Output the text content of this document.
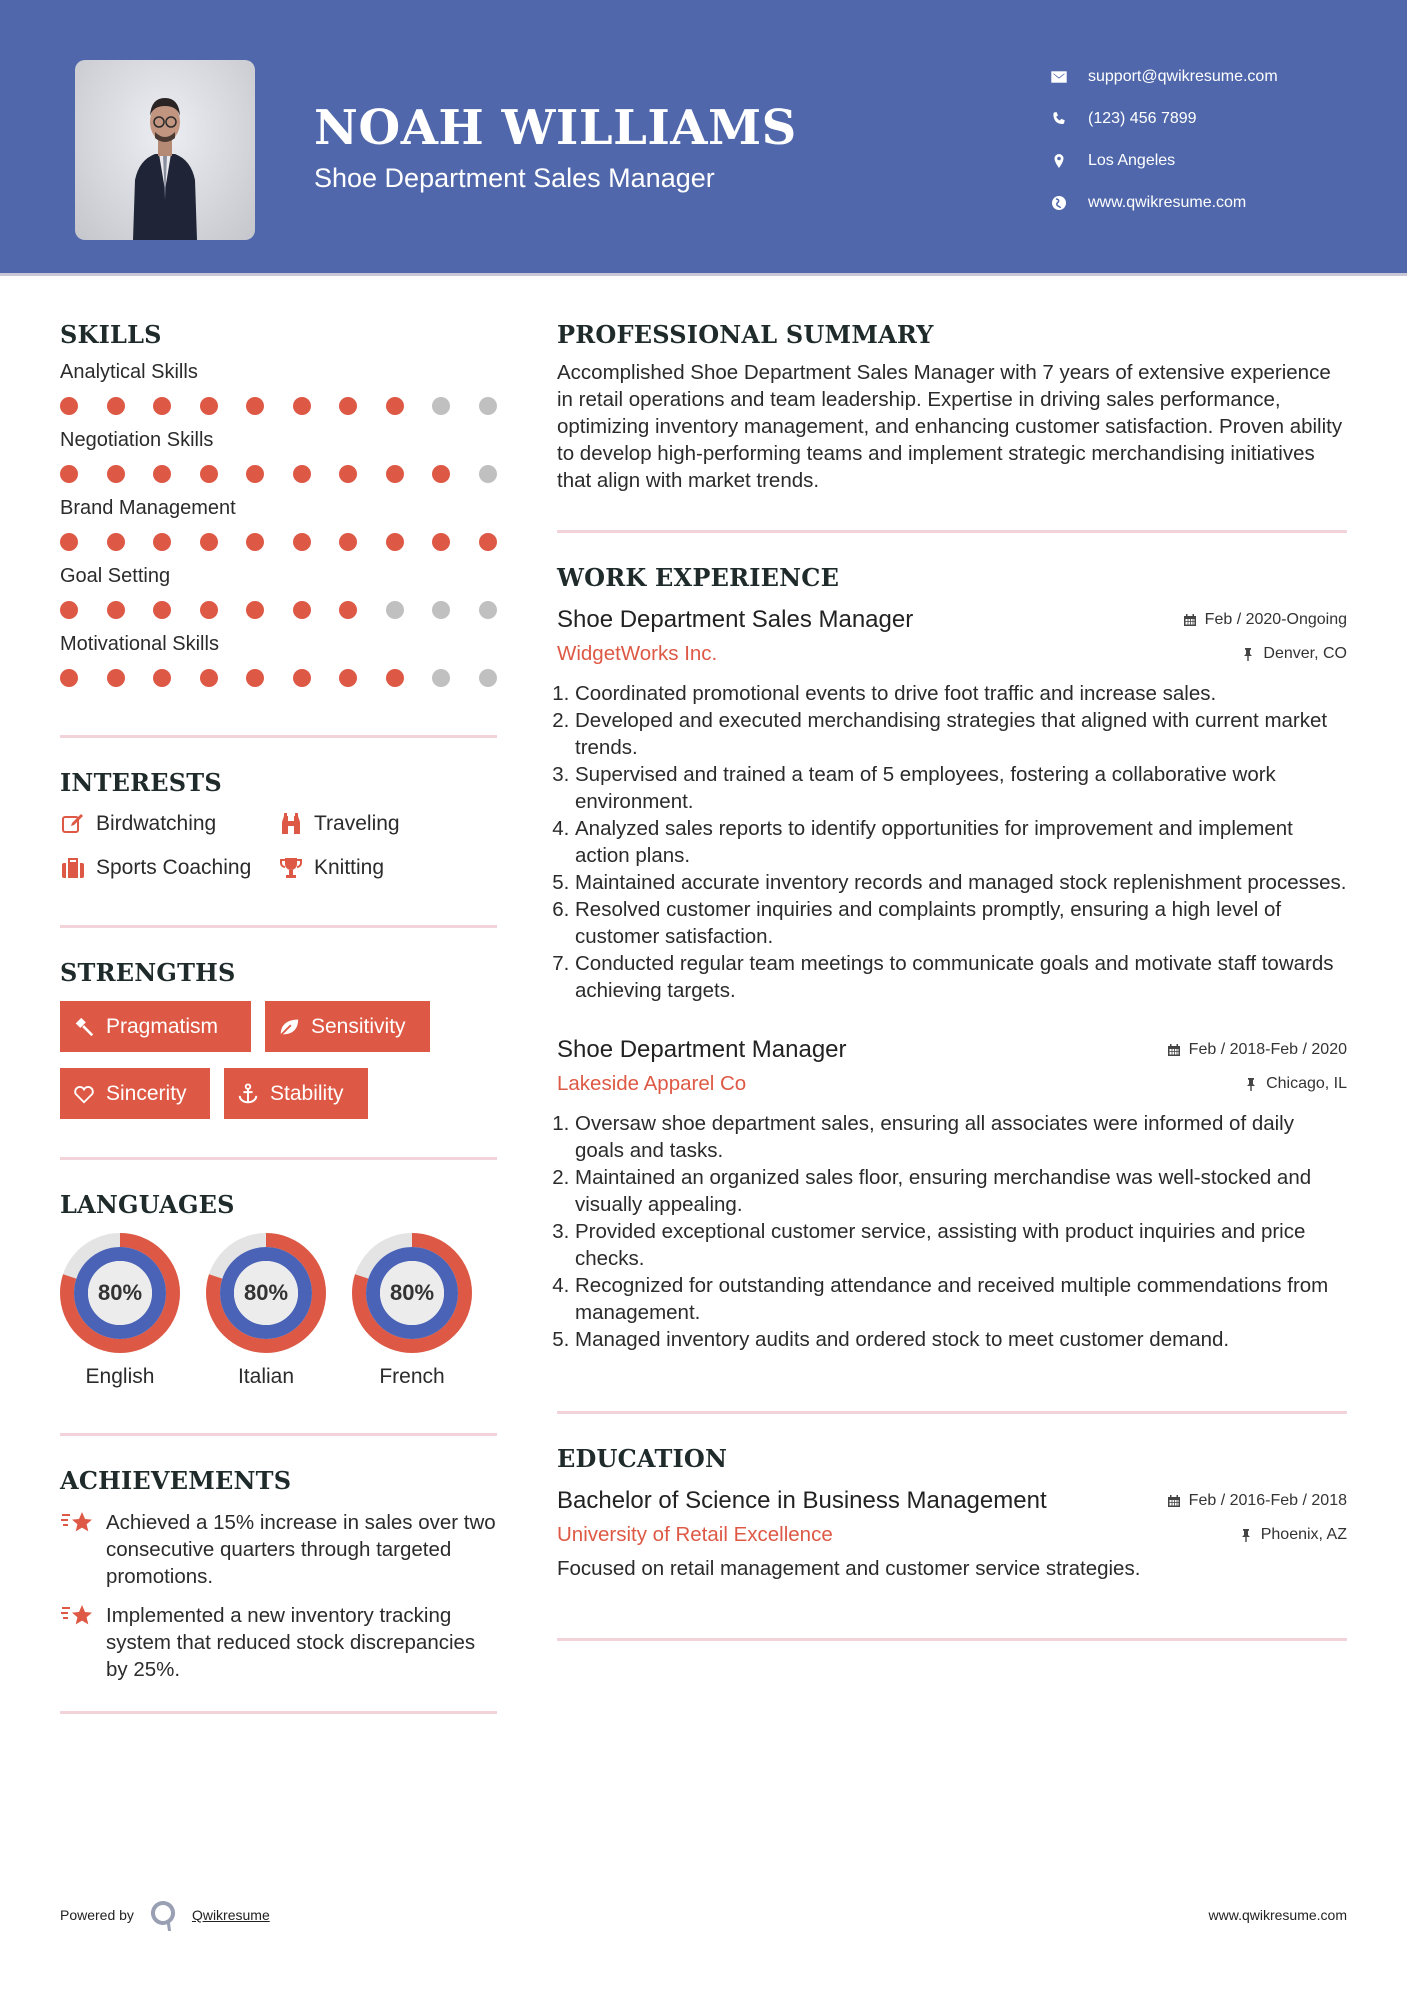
NOAH WILLIAMS
Shoe Department Sales Manager
support@qwikresume.com
(123) 456 7899
Los Angeles
www.qwikresume.com
SKILLS
Analytical Skills
Negotiation Skills
Brand Management
Goal Setting
Motivational Skills
INTERESTS
Birdwatching	Traveling
Sports Coaching	Knitting
STRENGTHS
Pragmatism	Sensitivity
Sincerity	Stability
LANGUAGES
80%
English
80%
Italian
80%
French
ACHIEVEMENTS
Achieved a 15% increase in sales over two consecutive quarters through targeted promotions.
Implemented a new inventory tracking system that reduced stock discrepancies by 25%.
PROFESSIONAL SUMMARY
Accomplished Shoe Department Sales Manager with 7 years of extensive experience in retail operations and team leadership. Expertise in driving sales performance, optimizing inventory management, and enhancing customer satisfaction. Proven ability to develop high-performing teams and implement strategic merchandising initiatives that align with market trends.
WORK EXPERIENCE
Shoe Department Sales Manager	Feb / 2020-Ongoing
WidgetWorks Inc.	Denver, CO
1. Coordinated promotional events to drive foot traffic and increase sales.
2. Developed and executed merchandising strategies that aligned with current market trends.
3. Supervised and trained a team of 5 employees, fostering a collaborative work environment.
4. Analyzed sales reports to identify opportunities for improvement and implement action plans.
5. Maintained accurate inventory records and managed stock replenishment processes.
6. Resolved customer inquiries and complaints promptly, ensuring a high level of customer satisfaction.
7. Conducted regular team meetings to communicate goals and motivate staff towards achieving targets.
Shoe Department Manager	Feb / 2018-Feb / 2020
Lakeside Apparel Co	Chicago, IL
1. Oversaw shoe department sales, ensuring all associates were informed of daily goals and tasks.
2. Maintained an organized sales floor, ensuring merchandise was well-stocked and visually appealing.
3. Provided exceptional customer service, assisting with product inquiries and price checks.
4. Recognized for outstanding attendance and received multiple commendations from management.
5. Managed inventory audits and ordered stock to meet customer demand.
EDUCATION
Bachelor of Science in Business Management	Feb / 2016-Feb / 2018
University of Retail Excellence	Phoenix, AZ
Focused on retail management and customer service strategies.
Powered by	Qwikresume	www.qwikresume.com
